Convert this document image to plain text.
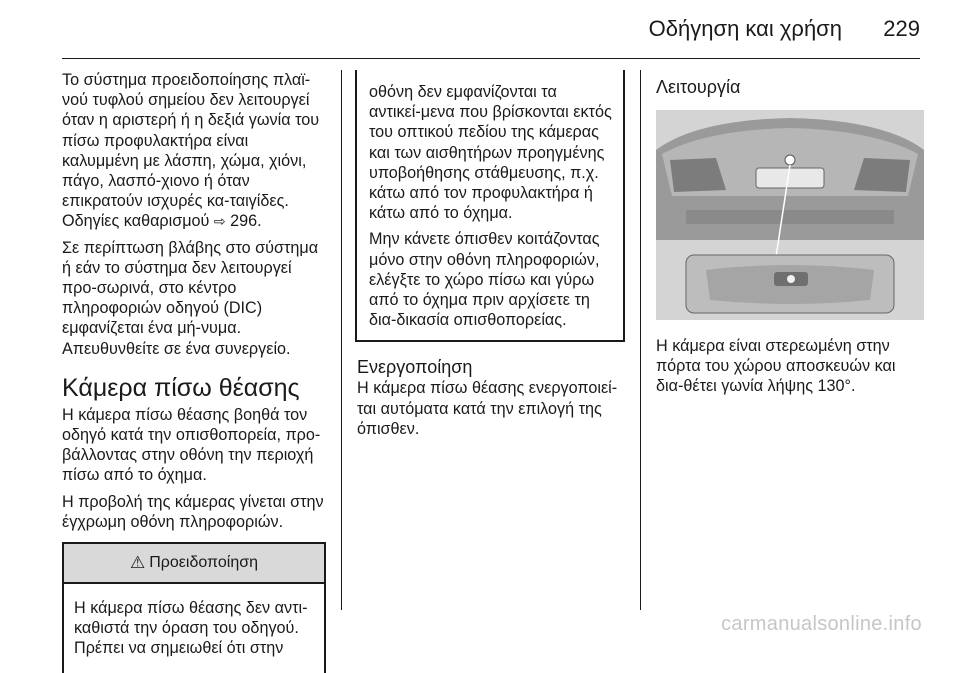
Οδήγηση και χρήση 229

Το σύστημα προειδοποίησης πλαϊ-νού τυφλού σημείου δεν λειτουργεί όταν η αριστερή ή η δεξιά γωνία του πίσω προφυλακτήρα είναι καλυμμένη με λάσπη, χώμα, χιόνι, πάγο, λασπό-χιονο ή όταν επικρατούν ισχυρές κα-ταιγίδες. Οδηγίες καθαρισμού ⇨ 296.

Σε περίπτωση βλάβης στο σύστημα ή εάν το σύστημα δεν λειτουργεί προ-σωρινά, στο κέντρο πληροφοριών οδηγού (DIC) εμφανίζεται ένα μή-νυμα. Απευθυνθείτε σε ένα συνεργείο.

Κάμερα πίσω θέασης

Η κάμερα πίσω θέασης βοηθά τον οδηγό κατά την οπισθοπορεία, προ-βάλλοντας στην οθόνη την περιοχή πίσω από το όχημα.

Η προβολή της κάμερας γίνεται στην έγχρωμη οθόνη πληροφοριών.

⚠ Προειδοποίηση
Η κάμερα πίσω θέασης δεν αντι-καθιστά την όραση του οδηγού. Πρέπει να σημειωθεί ότι στην

οθόνη δεν εμφανίζονται τα αντικεί-μενα που βρίσκονται εκτός του οπτικού πεδίου της κάμερας και των αισθητήρων προηγμένης υποβοήθησης στάθμευσης, π.χ. κάτω από τον προφυλακτήρα ή κάτω από το όχημα.

Μην κάνετε όπισθεν κοιτάζοντας μόνο στην οθόνη πληροφοριών, ελέγξτε το χώρο πίσω και γύρω από το όχημα πριν αρχίσετε τη δια-δικασία οπισθοπορείας.

Ενεργοποίηση

Η κάμερα πίσω θέασης ενεργοποιεί-ται αυτόματα κατά την επιλογή της όπισθεν.

Λειτουργία

Η κάμερα είναι στερεωμένη στην πόρτα του χώρου αποσκευών και δια-θέτει γωνία λήψης 130°.

carmanualsonline.info
